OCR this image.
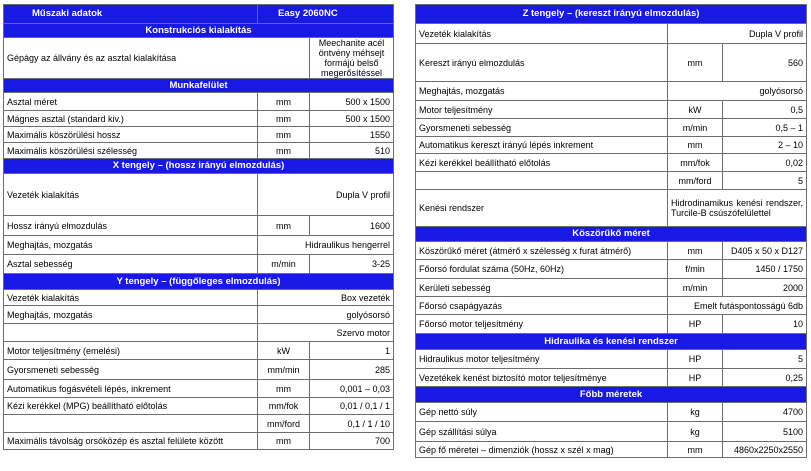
Műszaki adatok	Easy 2060NC	
Konstrukciós kialakítás		
Gépágy az állvány és az asztal kialakítása		Meechanite acél öntvény méhsejt formájú belső megerősítéssel
Munkafelület		
Asztal méret	mm	500 x 1500
Mágnes asztal (standard kiv.)	mm	500 x 1500
Maximális köszörülési hossz	mm	1550
Maximális köszörülési szélesség	mm	510
X tengely – (hossz irányú elmozdulás)		
Vezeték kialakítás	Dupla V profil	
Hossz irányú elmozdulás	mm	1600
Meghajtás, mozgatás	Hidraulikus hengerrel	
Asztal sebesség	m/min	3-25
Y tengely – (függőleges elmozdulás)		
Vezeték kialakítás	Box vezeték	
Meghajtás, mozgatás	golyósorsó	
	Szervo motor	
Motor teljesítmény (emelési)	kW	1
Gyorsmeneti sebesség	mm/min	285
Automatikus fogásvételi lépés, inkrement	mm	0,001 – 0,03
Kézi kerékkel (MPG) beállítható előtolás	mm/fok	0,01 / 0,1 / 1
	mm/ford	0,1 / 1 / 10
Maximális távolság orsóközép és asztal felülete között	mm	700
Z tengely – (kereszt irányú elmozdulás)		
Vezeték kialakítás	Dupla V profil	
Kereszt irányú elmozdulás	mm	560
Meghajtás, mozgatás	golyósorsó	
Motor teljesítmény	kW	0,5
Gyorsmeneti sebesség	m/min	0,5 – 1
Automatikus kereszt irányú lépés inkrement	mm	2 – 10
Kézi kerékkel beállítható előtolás	mm/fok	0,02
	mm/ford	5
Kenési rendszer	Hidrodinamikus kenési rendszer, Turcile-B csúszófelülettel	
Köszörűkő méret		
Köszörűkő méret (átmérő x szélesség x furat átmérő)	mm	D405 x 50 x D127
Főorsó fordulat száma (50Hz, 60Hz)	f/min	1450 / 1750
Kerületi sebesség	m/min	2000
Főorsó csapágyazás	Emelt futáspontosságú 6db	
Főorsó motor teljesítmény	HP	10
Hidraulika és kenési rendszer		
Hidraulikus motor teljesítmény	HP	5
Vezetékek kenést biztosító motor teljesítménye	HP	0,25
Főbb méretek		
Gép nettó súly	kg	4700
Gép szállítási súlya	kg	5100
Gép fő méretei – dimenziók (hossz x szél x mag)	mm	4860x2250x2550
